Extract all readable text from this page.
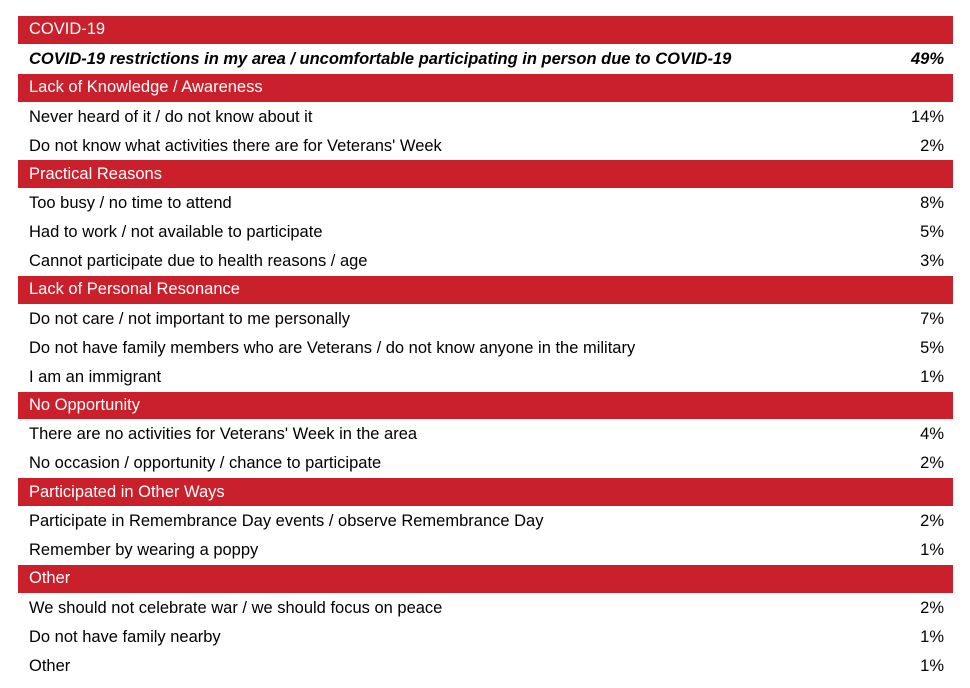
COVID-19
COVID-19 restrictions in my area / uncomfortable participating in person due to COVID-19	49%
Lack of Knowledge / Awareness
Never heard of it / do not know about it	14%
Do not know what activities there are for Veterans' Week	2%
Practical Reasons
Too busy / no time to attend	8%
Had to work / not available to participate	5%
Cannot participate due to health reasons / age	3%
Lack of Personal Resonance
Do not care / not important to me personally	7%
Do not have family members who are Veterans / do not know anyone in the military	5%
I am an immigrant	1%
No Opportunity
There are no activities for Veterans' Week in the area	4%
No occasion / opportunity / chance to participate	2%
Participated in Other Ways
Participate in Remembrance Day events / observe Remembrance Day	2%
Remember by wearing a poppy	1%
Other
We should not celebrate war / we should focus on peace	2%
Do not have family nearby	1%
Other	1%
